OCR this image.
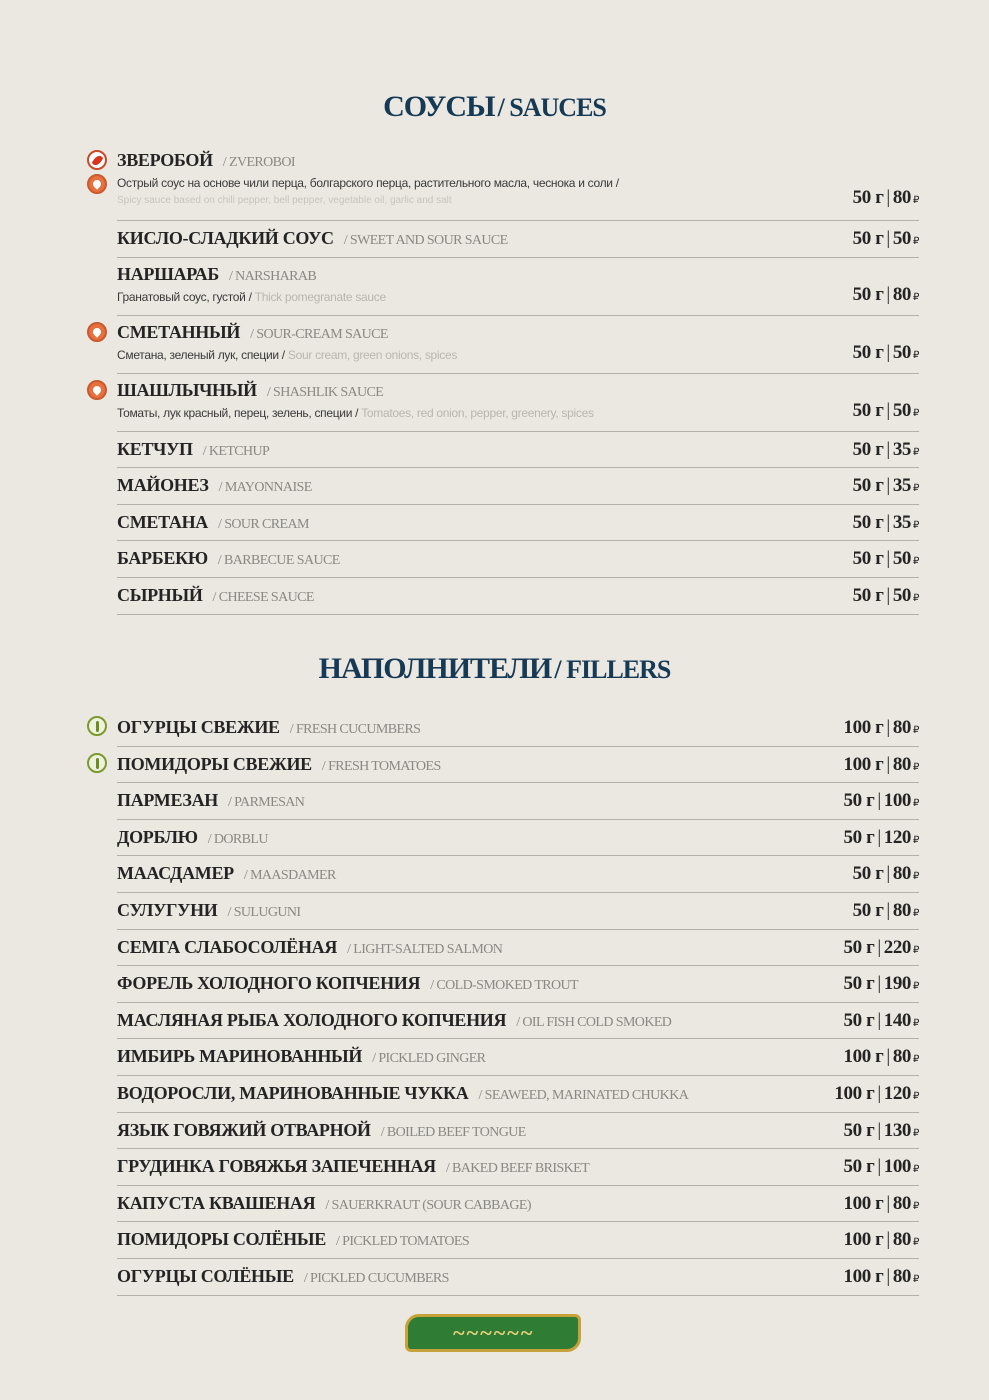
СОУСЫ / SAUCES
ЗВЕРОБОЙ / ZVEROBOI
Острый соус на основе чили перца, болгарского перца, растительного масла, чеснока и соли /
Spicy sauce based on chili pepper, bell pepper, vegetable oil, garlic and salt	50 г | 80 ₽
КИСЛО-СЛАДКИЙ СОУС / SWEET AND SOUR SAUCE	50 г | 50 ₽
НАРШАРАБ / NARSHARAB
Гранатовый соус, густой / Thick pomegranate sauce	50 г | 80 ₽
СМЕТАННЫЙ / SOUR-CREAM SAUCE
Сметана, зеленый лук, специи / Sour cream, green onions, spices	50 г | 50 ₽
ШАШЛЫЧНЫЙ / SHASHLIK SAUCE
Томаты, лук красный, перец, зелень, специи / Tomatoes, red onion, pepper, greenery, spices	50 г | 50 ₽
КЕТЧУП / KETCHUP	50 г | 35 ₽
МАЙОНЕЗ / MAYONNAISE	50 г | 35 ₽
СМЕТАНА / SOUR CREAM	50 г | 35 ₽
БАРБЕКЮ / BARBECUE SAUCE	50 г | 50 ₽
СЫРНЫЙ / CHEESE SAUCE	50 г | 50 ₽
НАПОЛНИТЕЛИ / FILLERS
ОГУРЦЫ СВЕЖИЕ / FRESH CUCUMBERS	100 г | 80 ₽
ПОМИДОРЫ СВЕЖИЕ / FRESH TOMATOES	100 г | 80 ₽
ПАРМЕЗАН / PARMESAN	50 г | 100 ₽
ДОРБЛЮ / DORBLU	50 г | 120 ₽
МААСДАМЕР / MAASDAMER	50 г | 80 ₽
СУЛУГУНИ / SULUGUNI	50 г | 80 ₽
СЕМГА СЛАБОСОЛЁНАЯ / LIGHT-SALTED SALMON	50 г | 220 ₽
ФОРЕЛЬ ХОЛОДНОГО КОПЧЕНИЯ / COLD-SMOKED TROUT	50 г | 190 ₽
МАСЛЯНАЯ РЫБА ХОЛОДНОГО КОПЧЕНИЯ / OIL FISH COLD SMOKED	50 г | 140 ₽
ИМБИРЬ МАРИНОВАННЫЙ / PICKLED GINGER	100 г | 80 ₽
ВОДОРОСЛИ, МАРИНОВАННЫЕ ЧУККА / SEAWEED, MARINATED CHUKKA	100 г | 120 ₽
ЯЗЫК ГОВЯЖИЙ ОТВАРНОЙ / BOILED BEEF TONGUE	50 г | 130 ₽
ГРУДИНКА ГОВЯЖЬЯ ЗАПЕЧЕННАЯ / BAKED BEEF BRISKET	50 г | 100 ₽
КАПУСТА КВАШЕНАЯ / SAUERKRAUT (SOUR CABBAGE)	100 г | 80 ₽
ПОМИДОРЫ СОЛЁНЫЕ / PICKLED TOMATOES	100 г | 80 ₽
ОГУРЦЫ СОЛЁНЫЕ / PICKLED CUCUMBERS	100 г | 80 ₽
~~~~~~
